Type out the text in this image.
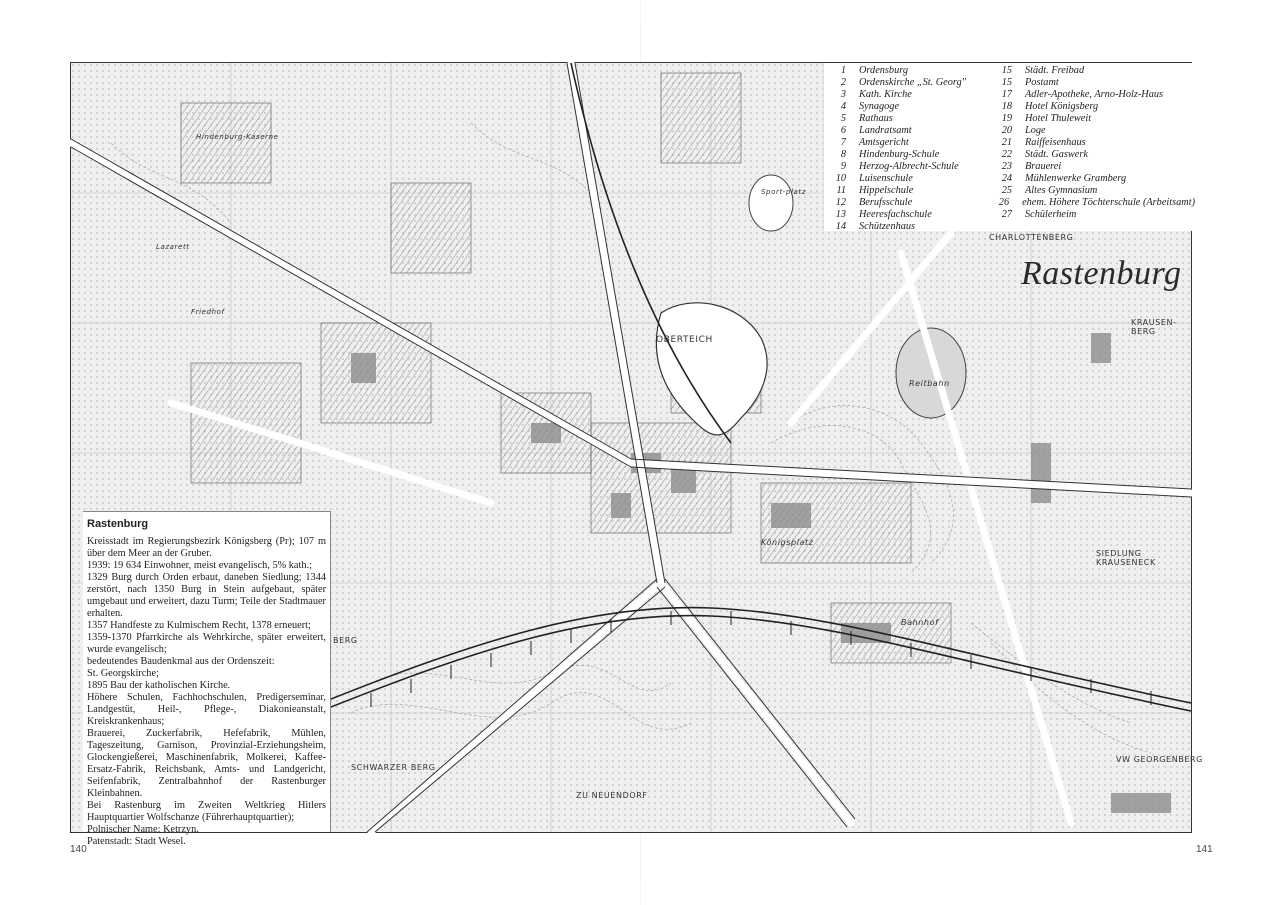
Rastenburg
OBERTEICH
CHARLOTTENBERG
KRAUSEN-BERG
SIEDLUNG KRAUSENECK
SCHWARZER BERG
ZU NEUENDORF
VW GEORGENBERG
Reitbahn
Königsplatz
Bahnhof
Hindenburg-Kaserne
Lazarett
Friedhof
BERG
Sport-platz
1	Ordensburg
2	Ordenskirche „St. Georg"
3	Kath. Kirche
4	Synagoge
5	Rathaus
6	Landratsamt
7	Amtsgericht
8	Hindenburg-Schule
9	Herzog-Albrecht-Schule
10	Luisenschule
11	Hippelschule
12	Berufsschule
13	Heeresfachschule
14	Schützenhaus
15	Städt. Freibad
15	Postamt
17	Adler-Apotheke, Arno-Holz-Haus
18	Hotel Königsberg
19	Hotel Thuleweit
20	Loge
21	Raiffeisenhaus
22	Städt. Gaswerk
23	Brauerei
24	Mühlenwerke Gramberg
25	Altes Gymnasium
26	ehem. Höhere Töchterschule (Arbeitsamt)
27	Schülerheim
Rastenburg

Kreisstadt im Regierungsbezirk Königsberg (Pr); 107 m über dem Meer an der Gruber.

1939: 19 634 Einwohner, meist evangelisch, 5% kath.;

1329 Burg durch Orden erbaut, daneben Siedlung; 1344 zerstört, nach 1350 Burg in Stein aufgebaut, später umgebaut und erweitert, dazu Turm; Teile der Stadtmauer erhalten.

1357 Handfeste zu Kulmischem Recht, 1378 erneuert;

1359-1370 Pfarrkirche als Wehrkirche, später erweitert, wurde evangelisch;

bedeutendes Baudenkmal aus der Ordenszeit:

St. Georgskirche;

1895 Bau der katholischen Kirche.

Höhere Schulen, Fachhochschulen, Predigerseminar, Landgestüt, Heil-, Pflege-, Diakonieanstalt, Kreiskrankenhaus;

Brauerei, Zuckerfabrik, Hefefabrik, Mühlen, Tageszeitung, Garnison, Provinzial-Erziehungsheim, Glockengießerei, Maschinenfabrik, Molkerei, Kaffee-Ersatz-Fabrik, Reichsbank, Amts- und Landgericht, Seifenfabrik, Zentralbahnhof der Rastenburger Kleinbahnen.

Bei Rastenburg im Zweiten Weltkrieg Hitlers Hauptquartier Wolfschanze (Führerhauptquartier);

Polnischer Name: Ketrzyn.

Patenstadt: Stadt Wesel.

140	141
